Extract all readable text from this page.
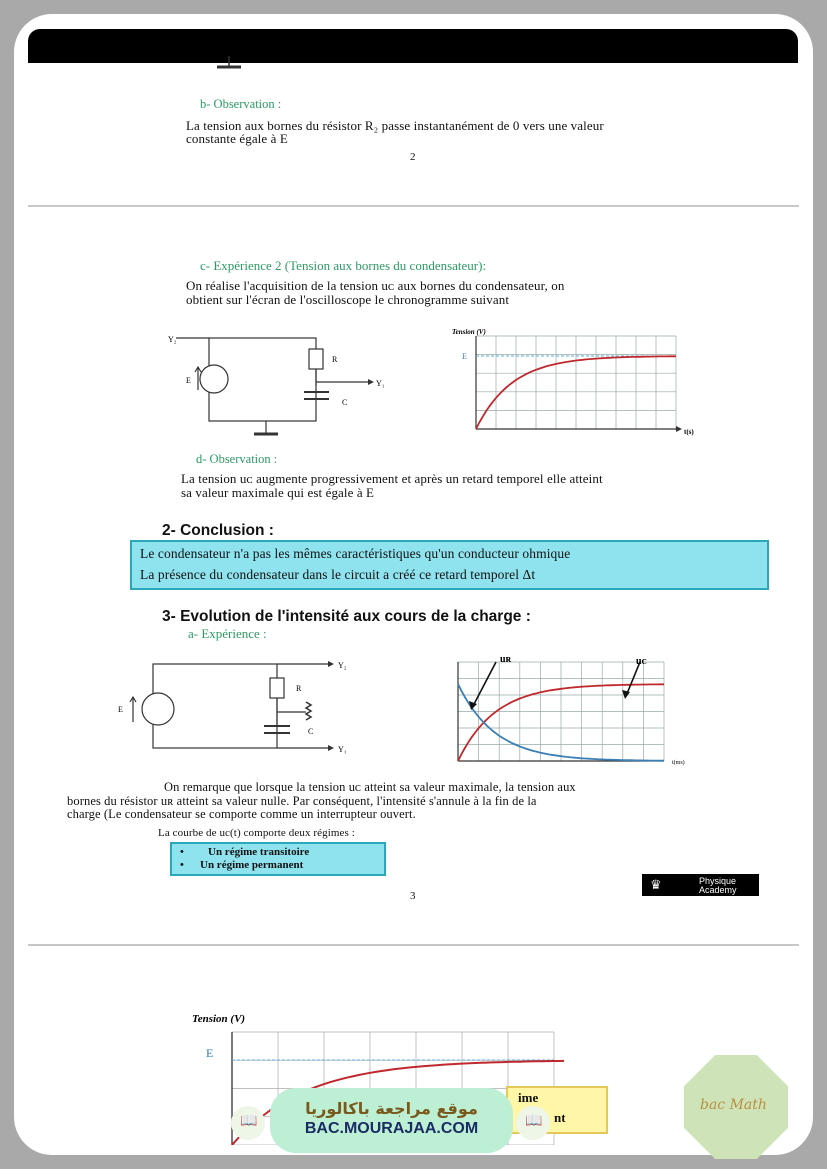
b- Observation :
La tension aux bornes du résistor R₂ passe instantanément de 0 vers une valeur
constante égale à E
2
c- Expérience 2 (Tension aux bornes du condensateur):
On réalise l'acquisition de la tension uᴄ aux bornes du condensateur, on
obtient sur l'écran de l'oscilloscope le chronogramme suivant
Y₂
Y₁
R
C
E
Tension (V)
E
t(s)
d- Observation :
La tension uᴄ augmente progressivement et après un retard temporel elle atteint
sa valeur maximale qui est égale à E
2- Conclusion :
Le condensateur n'a pas les mêmes caractéristiques qu'un conducteur ohmique
La présence du condensateur dans le circuit a créé ce retard temporel Δt
3- Evolution de l'intensité aux cours de la charge :
a- Expérience :
Y₂
Y₁
R
C
E
uʀ	uᴄ
t(ms)
On remarque que lorsque la tension uᴄ atteint sa valeur maximale, la tension aux
bornes du résistor uʀ atteint sa valeur nulle. Par conséquent, l'intensité s'annule à la fin de la
charge (Le condensateur se comporte comme un interrupteur ouvert.
La courbe de uc(t) comporte deux régimes :
• Un régime transitoire
• Un régime permanent
♛	Physique
Academy
3
Tension (V)
E
ime
nt
bac Math
📖	📖
موقع مراجعة باكالوريا
BAC.MOURAJAA.COM
